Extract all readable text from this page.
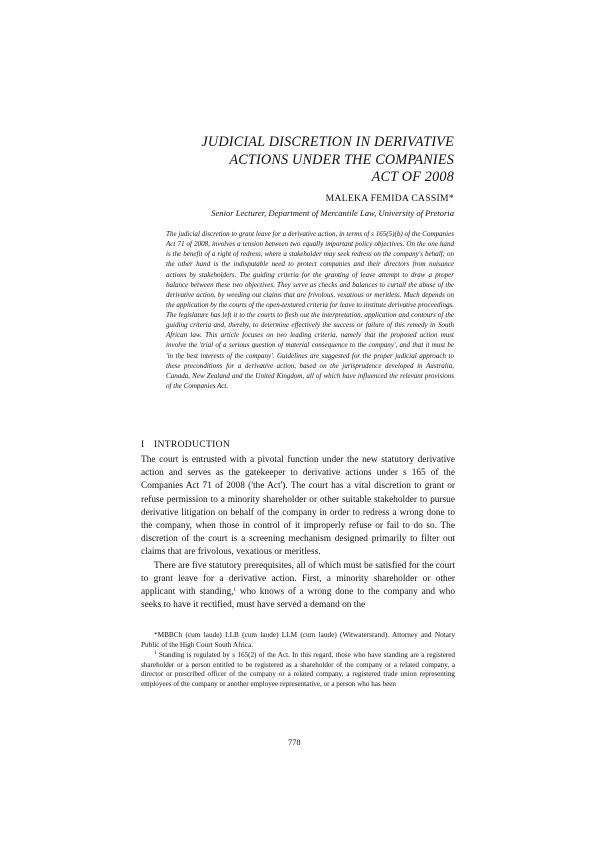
JUDICIAL DISCRETION IN DERIVATIVE
ACTIONS UNDER THE COMPANIES
ACT OF 2008
MALEKA FEMIDA CASSIM*
Senior Lecturer, Department of Mercantile Law, University of Pretoria

The judicial discretion to grant leave for a derivative action, in terms of s 165(5)(b) of the Companies Act 71 of 2008, involves a tension between two equally important policy objectives. On the one hand is the benefit of a right of redress, where a stakeholder may seek redress on the company's behalf; on the other hand is the indisputable need to protect companies and their directors from nuisance actions by stakeholders. The guiding criteria for the granting of leave attempt to draw a proper balance between these two objectives. They serve as checks and balances to curtail the abuse of the derivative action, by weeding out claims that are frivolous, vexatious or meritless. Much depends on the application by the courts of the open-textured criteria for leave to institute derivative proceedings. The legislature has left it to the courts to flesh out the interpretation, application and contours of the guiding criteria and, thereby, to determine effectively the success or failure of this remedy in South African law. This article focuses on two leading criteria, namely that the proposed action must involve the 'trial of a serious question of material consequence to the company', and that it must be 'in the best interests of the company'. Guidelines are suggested for the proper judicial approach to these preconditions for a derivative action, based on the jurisprudence developed in Australia, Canada, New Zealand and the United Kingdom, all of which have influenced the relevant provisions of the Companies Act.

I INTRODUCTION

The court is entrusted with a pivotal function under the new statutory derivative action and serves as the gatekeeper to derivative actions under s 165 of the Companies Act 71 of 2008 ('the Act'). The court has a vital discretion to grant or refuse permission to a minority shareholder or other suitable stakeholder to pursue derivative litigation on behalf of the company in order to redress a wrong done to the company, when those in control of it improperly refuse or fail to do so. The discretion of the court is a screening mechanism designed primarily to filter out claims that are frivolous, vexatious or meritless.

There are five statutory prerequisites, all of which must be satisfied for the court to grant leave for a derivative action. First, a minority shareholder or other applicant with standing,$^1$ who knows of a wrong done to the company and who seeks to have it rectified, must have served a demand on the

*MBBCh (cum laude) LLB (cum laude) LLM (cum laude) (Witwatersrand). Attorney and Notary Public of the High Court South Africa.

$^1$ Standing is regulated by s 165(2) of the Act. In this regard, those who have standing are a registered shareholder or a person entitled to be registered as a shareholder of the company or a related company, a director or prescribed officer of the company or a related company, a registered trade union representing employees of the company or another employee representative, or a person who has been

778
